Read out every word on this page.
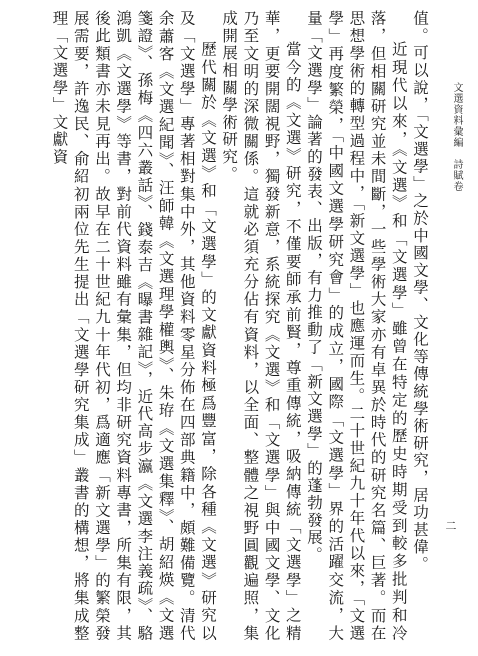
文選資料彙編　詩賦卷
二

值。可以說，「文選學」之於中國文學、文化等傳統學術研究，居功甚偉。

近現代以來，《文選》和「文選學」雖曾在特定的歷史時期受到較多批判和冷落，但相關研究並未間斷，一些學術大家亦有卓異於時代的研究名篇、巨著。而在思想學術的轉型過程中，「新文選學」也應運而生。二十世紀九十年代以來，「文選學」再度繁榮，「中國文選學研究會」的成立，國際「文選學」界的活躍交流，大量「文選學」論著的發表、出版，有力推動了「新文選學」的蓬勃發展。

當今的《文選》研究，不僅要師承前賢，尊重傳統，吸納傳統「文選學」之精華，更要開闊視野，獨發新意，系統探究《文選》和「文選學」與中國文學、文化乃至文明的深微關係。這就必須充分佔有資料，以全面、整體之視野圓觀遍照，集成開展相關學術研究。

歷代關於《文選》和「文選學」的文獻資料極爲豐富，除各種《文選》研究以及「文選學」專著相對集中外，其他資料零星分佈在四部典籍中，頗難備覽。清代余蕭客《文選紀聞》、汪師韓《文選理學權輿》、朱珔《文選集釋》、胡紹煐《文選箋證》、孫梅《四六叢話》、錢泰吉《曝書雜記》，近代高步瀛《文選李注義疏》、駱鴻凱《文選學》等書，對前代資料雖有彙集，但均非研究資料專書，所集有限，其後此類書亦未見再出。故早在二十世紀九十年代初，爲適應「新文選學」的繁榮發展需要，許逸民、俞紹初兩位先生提出「文選學研究集成」叢書的構想，將集成整理「文選學」文獻資
